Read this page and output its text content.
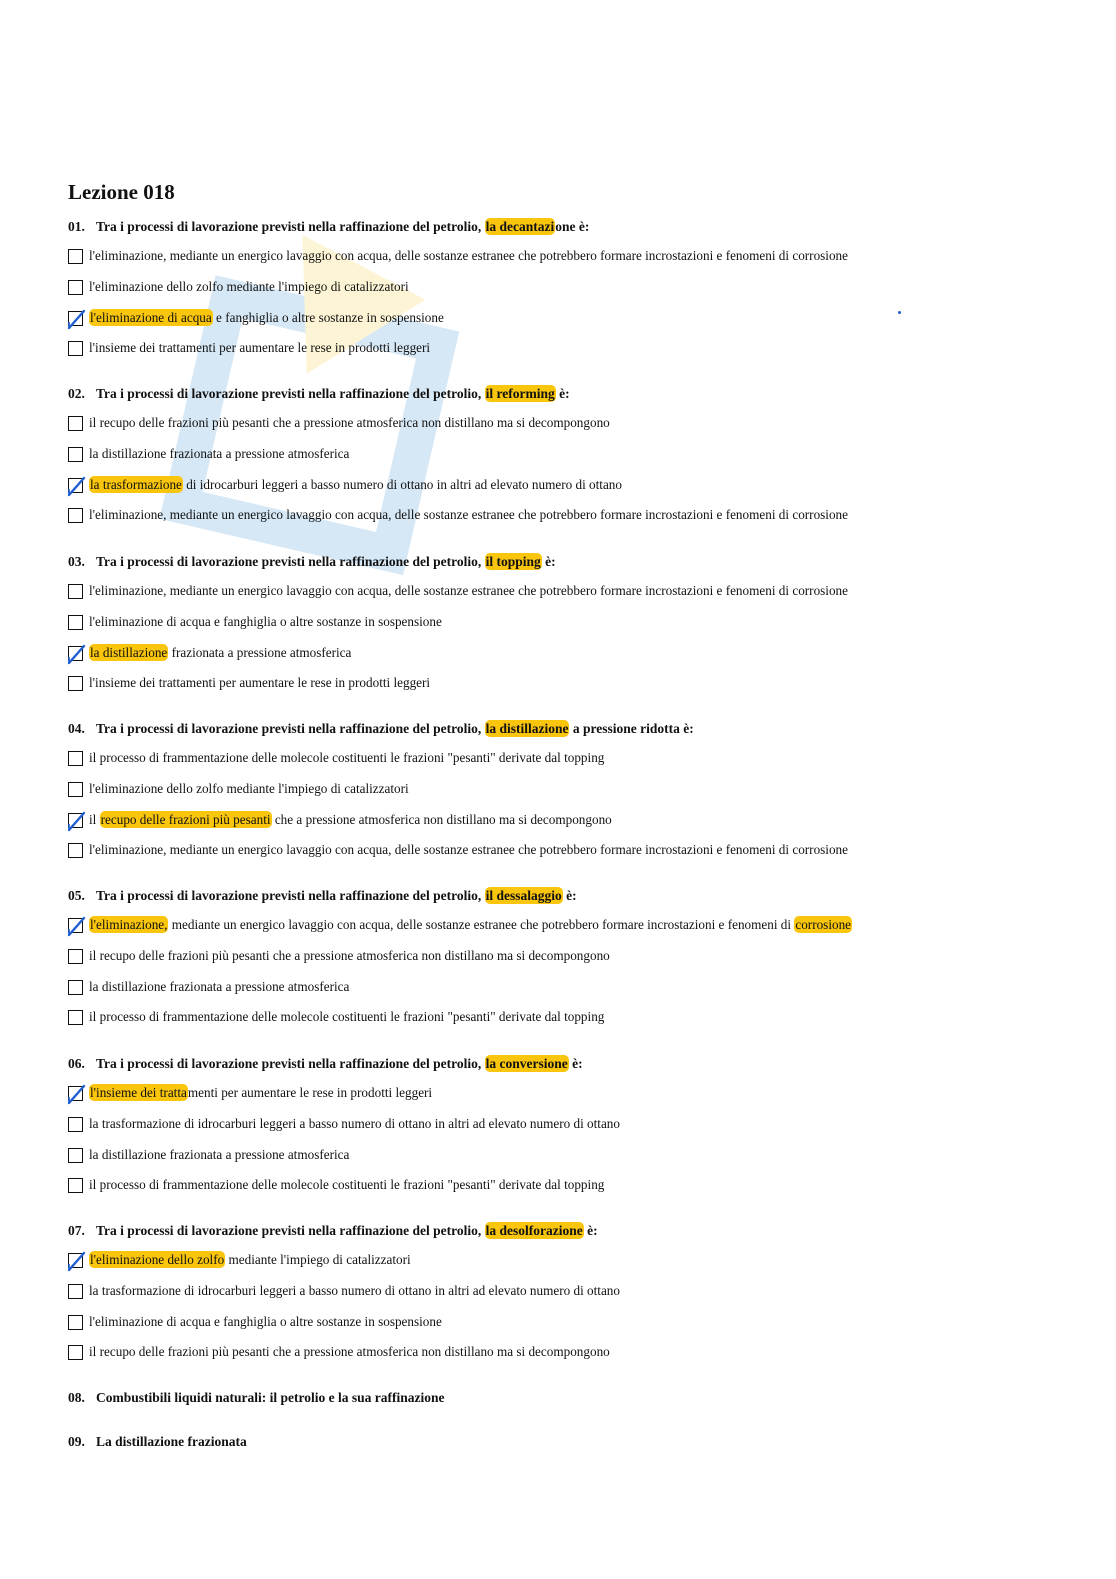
Lezione 018
01. Tra i processi di lavorazione previsti nella raffinazione del petrolio, la decantazione è:
l'eliminazione, mediante un energico lavaggio con acqua, delle sostanze estranee che potrebbero formare incrostazioni e fenomeni di corrosione
l'eliminazione dello zolfo mediante l'impiego di catalizzatori
l'eliminazione di acqua e fanghiglia o altre sostanze in sospensione
l'insieme dei trattamenti per aumentare le rese in prodotti leggeri
02. Tra i processi di lavorazione previsti nella raffinazione del petrolio, il reforming è:
il recupo delle frazioni più pesanti che a pressione atmosferica non distillano ma si decompongono
la distillazione frazionata a pressione atmosferica
la trasformazione di idrocarburi leggeri a basso numero di ottano in altri ad elevato numero di ottano
l'eliminazione, mediante un energico lavaggio con acqua, delle sostanze estranee che potrebbero formare incrostazioni e fenomeni di corrosione
03. Tra i processi di lavorazione previsti nella raffinazione del petrolio, il topping è:
l'eliminazione, mediante un energico lavaggio con acqua, delle sostanze estranee che potrebbero formare incrostazioni e fenomeni di corrosione
l'eliminazione di acqua e fanghiglia o altre sostanze in sospensione
la distillazione frazionata a pressione atmosferica
l'insieme dei trattamenti per aumentare le rese in prodotti leggeri
04. Tra i processi di lavorazione previsti nella raffinazione del petrolio, la distillazione a pressione ridotta è:
il processo di frammentazione delle molecole costituenti le frazioni "pesanti" derivate dal topping
l'eliminazione dello zolfo mediante l'impiego di catalizzatori
il recupo delle frazioni più pesanti che a pressione atmosferica non distillano ma si decompongono
l'eliminazione, mediante un energico lavaggio con acqua, delle sostanze estranee che potrebbero formare incrostazioni e fenomeni di corrosione
05. Tra i processi di lavorazione previsti nella raffinazione del petrolio, il dessalaggio è:
l'eliminazione, mediante un energico lavaggio con acqua, delle sostanze estranee che potrebbero formare incrostazioni e fenomeni di corrosione
il recupo delle frazioni più pesanti che a pressione atmosferica non distillano ma si decompongono
la distillazione frazionata a pressione atmosferica
il processo di frammentazione delle molecole costituenti le frazioni "pesanti" derivate dal topping
06. Tra i processi di lavorazione previsti nella raffinazione del petrolio, la conversione è:
l'insieme dei trattamenti per aumentare le rese in prodotti leggeri
la trasformazione di idrocarburi leggeri a basso numero di ottano in altri ad elevato numero di ottano
la distillazione frazionata a pressione atmosferica
il processo di frammentazione delle molecole costituenti le frazioni "pesanti" derivate dal topping
07. Tra i processi di lavorazione previsti nella raffinazione del petrolio, la desolforazione è:
l'eliminazione dello zolfo mediante l'impiego di catalizzatori
la trasformazione di idrocarburi leggeri a basso numero di ottano in altri ad elevato numero di ottano
l'eliminazione di acqua e fanghiglia o altre sostanze in sospensione
il recupo delle frazioni più pesanti che a pressione atmosferica non distillano ma si decompongono
08. Combustibili liquidi naturali: il petrolio e la sua raffinazione
09. La distillazione frazionata
